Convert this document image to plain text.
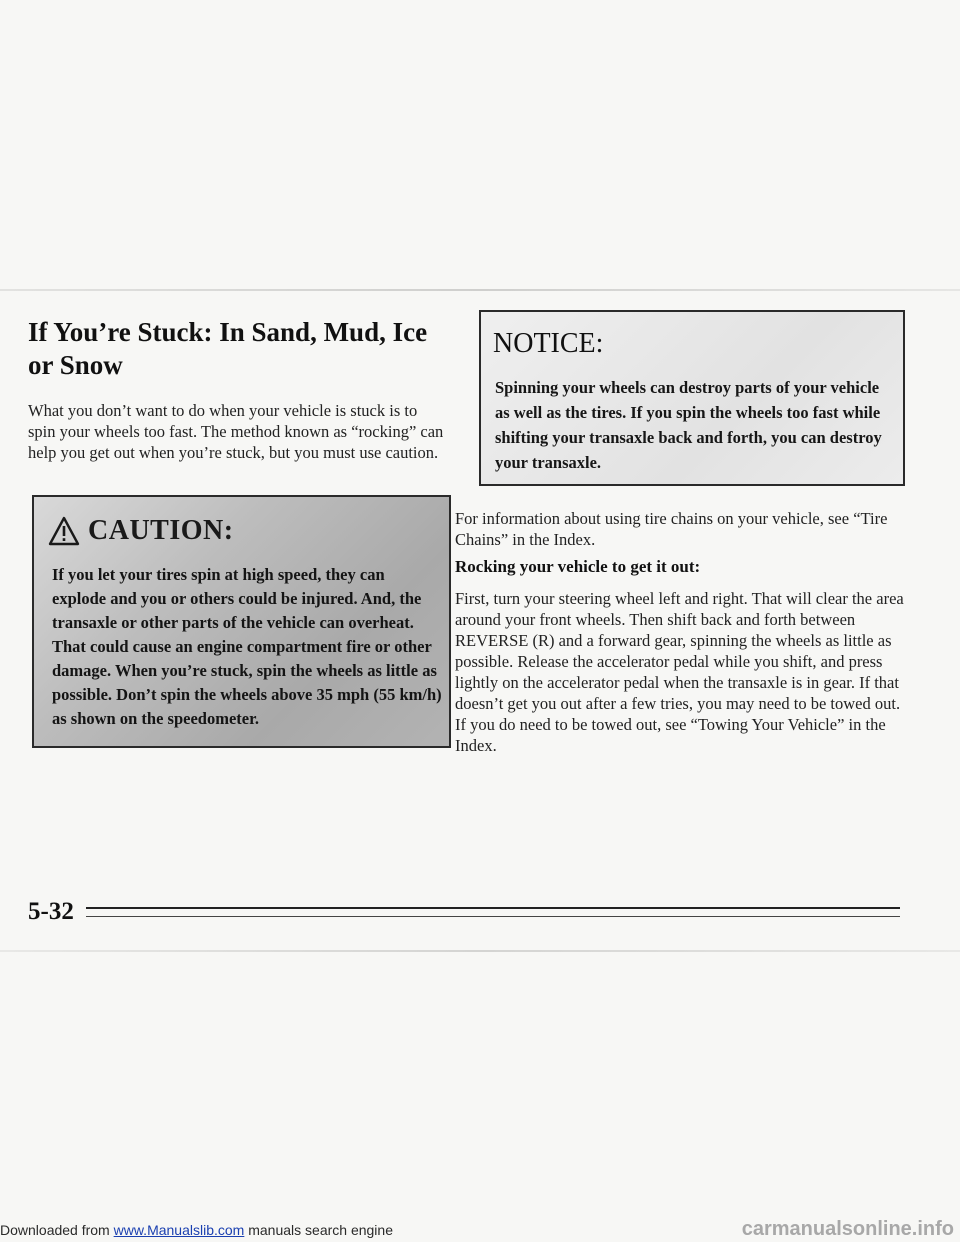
If You’re Stuck: In Sand, Mud, Ice or Snow

What you don’t want to do when your vehicle is stuck is to spin your wheels too fast. The method known as “rocking” can help you get out when you’re stuck, but you must use caution.

CAUTION:

If you let your tires spin at high speed, they can explode and you or others could be injured. And, the transaxle or other parts of the vehicle can overheat. That could cause an engine compartment fire or other damage. When you’re stuck, spin the wheels as little as possible. Don’t spin the wheels above 35 mph (55 km/h) as shown on the speedometer.

NOTICE:

Spinning your wheels can destroy parts of your vehicle as well as the tires. If you spin the wheels too fast while shifting your transaxle back and forth, you can destroy your transaxle.

For information about using tire chains on your vehicle, see “Tire Chains” in the Index.

Rocking your vehicle to get it out:

First, turn your steering wheel left and right. That will clear the area around your front wheels. Then shift back and forth between REVERSE (R) and a forward gear, spinning the wheels as little as possible. Release the accelerator pedal while you shift, and press lightly on the accelerator pedal when the transaxle is in gear. If that doesn’t get you out after a few tries, you may need to be towed out. If you do need to be towed out, see “Towing Your Vehicle” in the Index.

5-32

Downloaded from www.Manualslib.com manuals search engine	carmanualsonline.info
